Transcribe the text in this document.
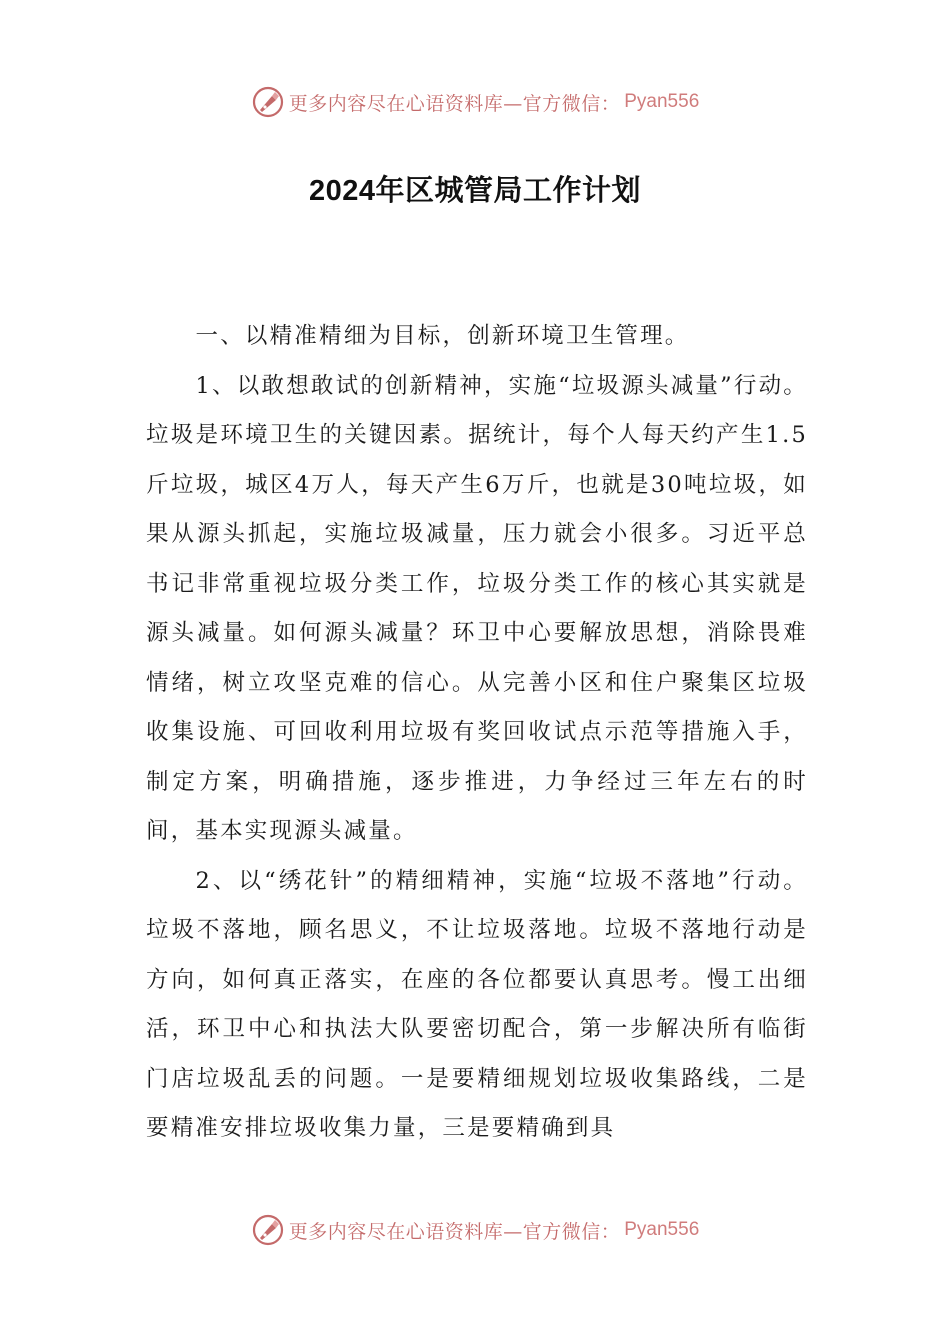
更多内容尽在心语资料库—官方微信： Pyan556
2024年区城管局工作计划

一、以精准精细为目标，创新环境卫生管理。

1、以敢想敢试的创新精神，实施“垃圾源头减量”行动。垃圾是环境卫生的关键因素。据统计，每个人每天约产生1.5斤垃圾，城区4万人，每天产生6万斤，也就是30吨垃圾，如果从源头抓起，实施垃圾减量，压力就会小很多。习近平总书记非常重视垃圾分类工作，垃圾分类工作的核心其实就是源头减量。如何源头减量？环卫中心要解放思想，消除畏难情绪，树立攻坚克难的信心。从完善小区和住户聚集区垃圾收集设施、可回收利用垃圾有奖回收试点示范等措施入手，制定方案，明确措施，逐步推进，力争经过三年左右的时间，基本实现源头减量。

2、以“绣花针”的精细精神，实施“垃圾不落地”行动。垃圾不落地，顾名思义，不让垃圾落地。垃圾不落地行动是方向，如何真正落实，在座的各位都要认真思考。慢工出细活，环卫中心和执法大队要密切配合，第一步解决所有临街门店垃圾乱丢的问题。一是要精细规划垃圾收集路线，二是要精准安排垃圾收集力量，三是要精确到具

更多内容尽在心语资料库—官方微信： Pyan556
